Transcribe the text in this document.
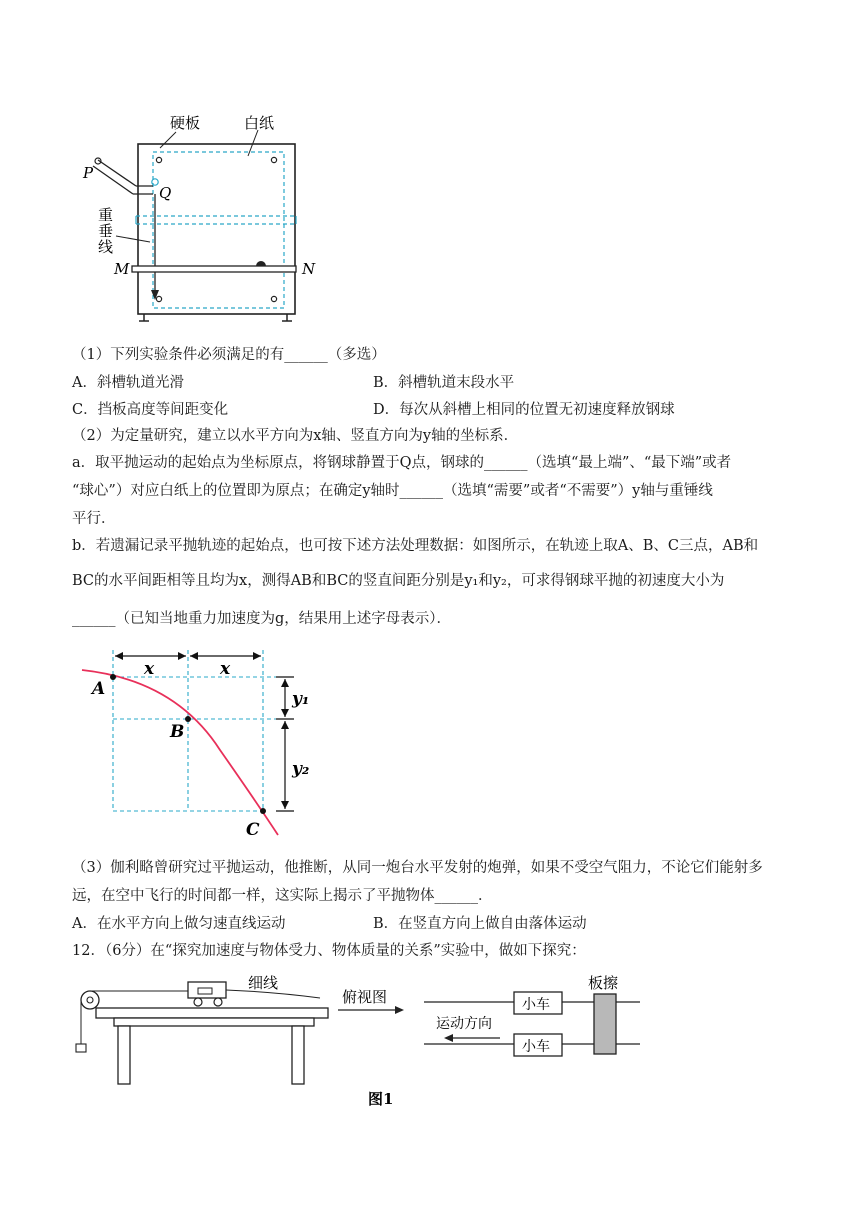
硬板	白纸
P
Q
重
垂
线
M	N
（1）下列实验条件必须满足的有______（多选）
A．斜槽轨道光滑	B．斜槽轨道末段水平
C．挡板高度等间距变化	D．每次从斜槽上相同的位置无初速度释放钢球
（2）为定量研究，建立以水平方向为x轴、竖直方向为y轴的坐标系．
a．取平抛运动的起始点为坐标原点，将钢球静置于Q点，钢球的______（选填“最上端”、“最下端”或者
“球心”）对应白纸上的位置即为原点；在确定y轴时______（选填“需要”或者“不需要”）y轴与重锤线
平行．
b．若遗漏记录平抛轨迹的起始点，也可按下述方法处理数据：如图所示，在轨迹上取A、B、C三点，AB和
BC的水平间距相等且均为x，测得AB和BC的竖直间距分别是y₁和y₂，可求得钢球平抛的初速度大小为
______（已知当地重力加速度为g，结果用上述字母表示）．
x	x
y₁
y₂
A
B
C
（3）伽利略曾研究过平抛运动，他推断，从同一炮台水平发射的炮弹，如果不受空气阻力，不论它们能射多
远，在空中飞行的时间都一样，这实际上揭示了平抛物体______．
A．在水平方向上做匀速直线运动	B．在竖直方向上做自由落体运动
12．（6分）在“探究加速度与物体受力、物体质量的关系”实验中，做如下探究：
细线
俯视图	小车
小车
板擦
运动方向
图1
